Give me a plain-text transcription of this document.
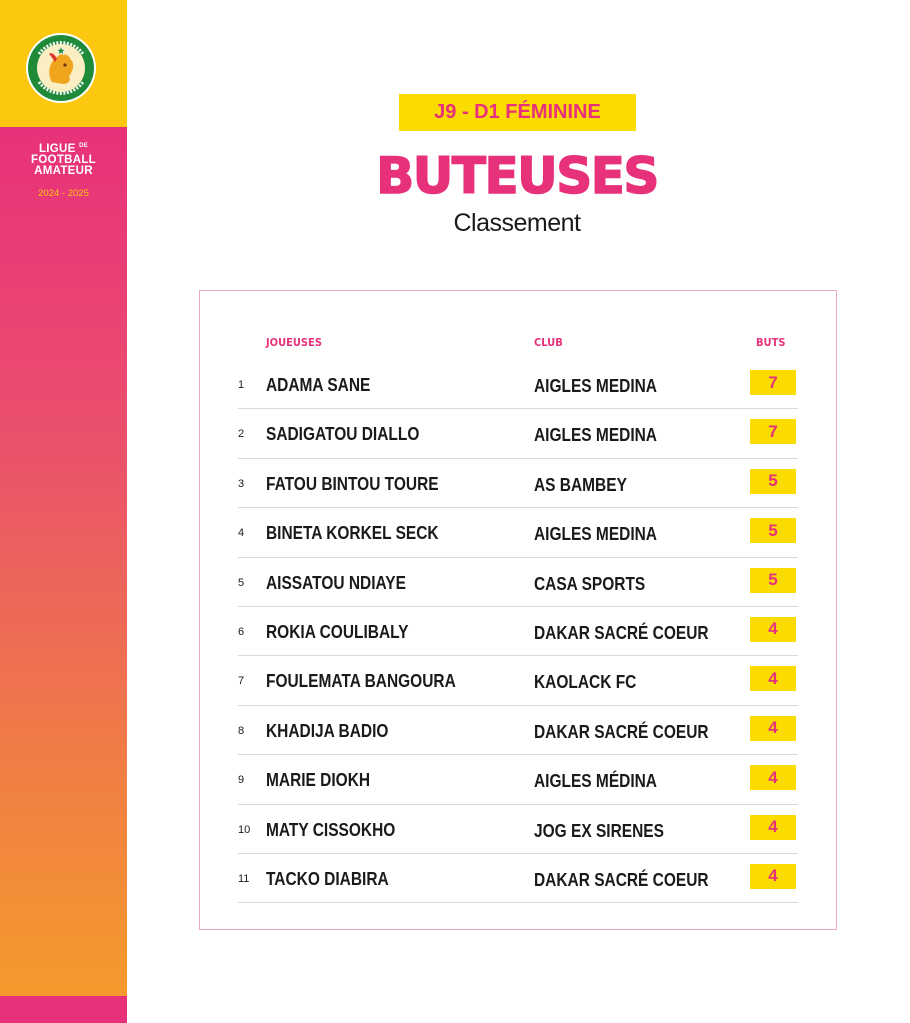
LIGUE $^{DE}$
FOOTBALL
AMATEUR
2024 - 2025
J9 - D1 FÉMININE
BUTEUSES
Classement
JOUEUSES	CLUB	BUTS
1	ADAMA SANE	AIGLES MEDINA	7
2	SADIGATOU DIALLO	AIGLES MEDINA	7
3	FATOU BINTOU TOURE	AS BAMBEY	5
4	BINETA KORKEL SECK	AIGLES MEDINA	5
5	AISSATOU NDIAYE	CASA SPORTS	5
6	ROKIA COULIBALY	DAKAR SACRÉ COEUR	4
7	FOULEMATA BANGOURA	KAOLACK FC	4
8	KHADIJA BADIO	DAKAR SACRÉ COEUR	4
9	MARIE DIOKH	AIGLES MÉDINA	4
10 MATY CISSOKHO	JOG EX SIRENES	4
11 TACKO DIABIRA	DAKAR SACRÉ COEUR	4
